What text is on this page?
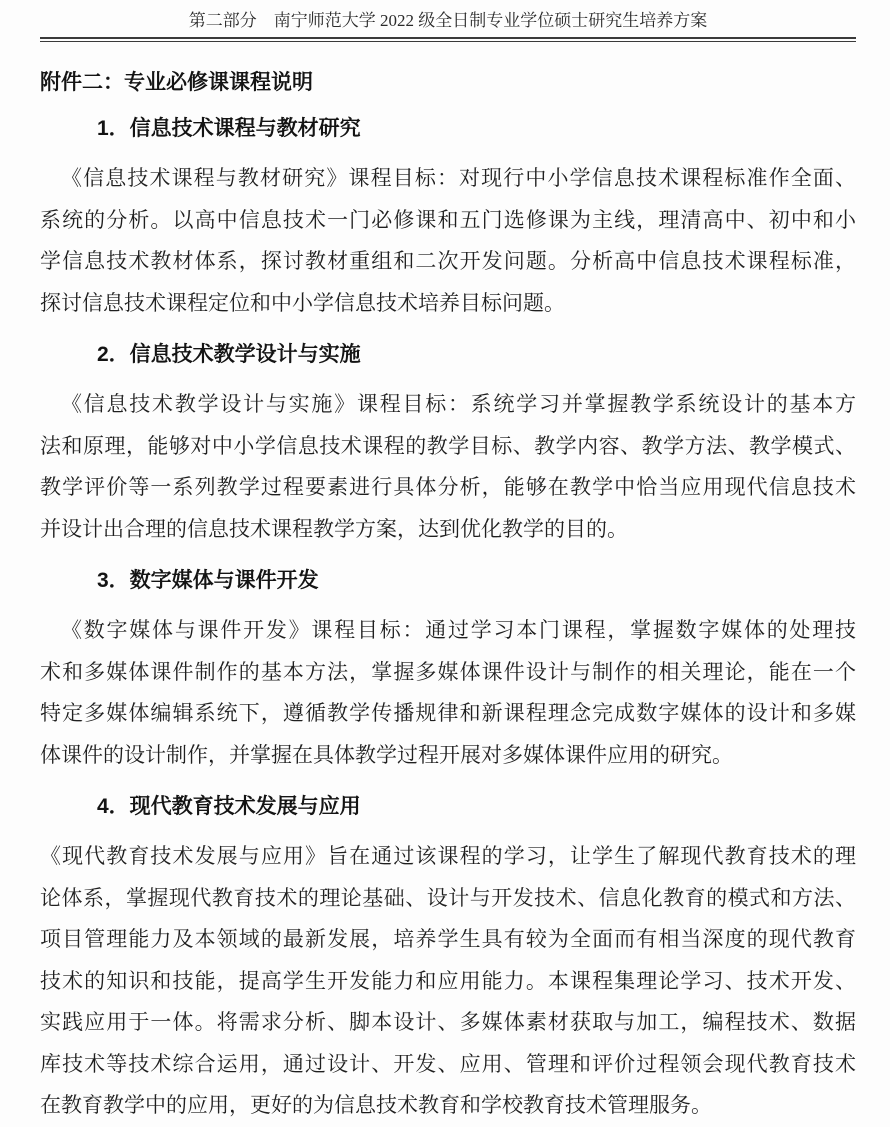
第二部分　南宁师范大学 2022 级全日制专业学位硕士研究生培养方案
附件二：专业必修课课程说明
1．信息技术课程与教材研究
《信息技术课程与教材研究》课程目标：对现行中小学信息技术课程标准作全面、
系统的分析。以高中信息技术一门必修课和五门选修课为主线，理清高中、初中和小
学信息技术教材体系，探讨教材重组和二次开发问题。分析高中信息技术课程标准，
探讨信息技术课程定位和中小学信息技术培养目标问题。
2．信息技术教学设计与实施
《信息技术教学设计与实施》课程目标：系统学习并掌握教学系统设计的基本方
法和原理，能够对中小学信息技术课程的教学目标、教学内容、教学方法、教学模式、
教学评价等一系列教学过程要素进行具体分析，能够在教学中恰当应用现代信息技术
并设计出合理的信息技术课程教学方案，达到优化教学的目的。
3．数字媒体与课件开发
《数字媒体与课件开发》课程目标：通过学习本门课程，掌握数字媒体的处理技
术和多媒体课件制作的基本方法，掌握多媒体课件设计与制作的相关理论，能在一个
特定多媒体编辑系统下，遵循教学传播规律和新课程理念完成数字媒体的设计和多媒
体课件的设计制作，并掌握在具体教学过程开展对多媒体课件应用的研究。
4．现代教育技术发展与应用
《现代教育技术发展与应用》旨在通过该课程的学习，让学生了解现代教育技术的理
论体系，掌握现代教育技术的理论基础、设计与开发技术、信息化教育的模式和方法、
项目管理能力及本领域的最新发展，培养学生具有较为全面而有相当深度的现代教育
技术的知识和技能，提高学生开发能力和应用能力。本课程集理论学习、技术开发、
实践应用于一体。将需求分析、脚本设计、多媒体素材获取与加工，编程技术、数据
库技术等技术综合运用，通过设计、开发、应用、管理和评价过程领会现代教育技术
在教育教学中的应用，更好的为信息技术教育和学校教育技术管理服务。
